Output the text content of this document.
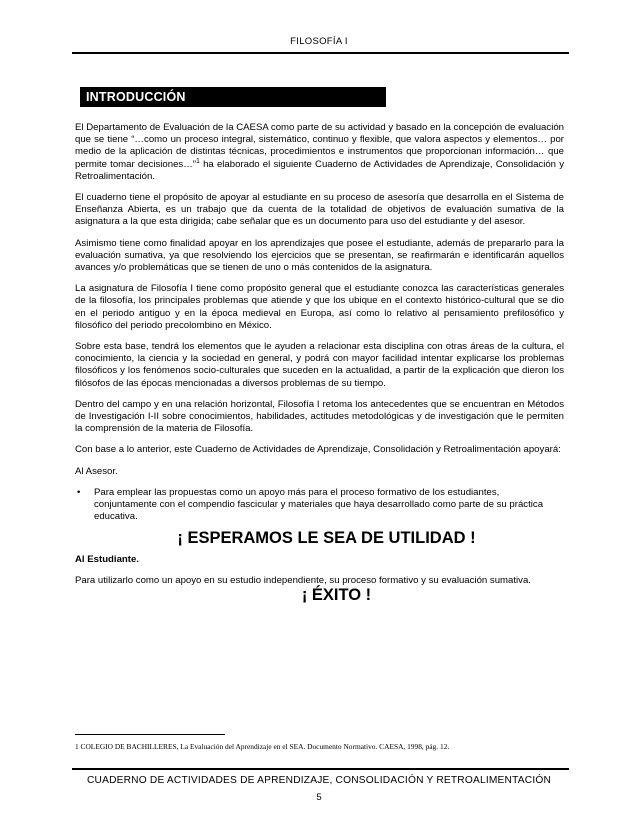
FILOSOFÍA I
INTRODUCCIÓN

El Departamento de Evaluación de la CAESA como parte de su actividad y basado en la concepción de evaluación que se tiene “…como un proceso integral, sistemático, continuo y flexible, que valora aspectos y elementos… por medio de la aplicación de distintas técnicas, procedimientos e instrumentos que proporcionan información… que permite tomar decisiones…”$^1$ ha elaborado el siguiente Cuaderno de Actividades de Aprendizaje, Consolidación y Retroalimentación.

El cuaderno tiene el propósito de apoyar al estudiante en su proceso de asesoría que desarrolla en el Sistema de Enseñanza Abierta, es un trabajo que da cuenta de la totalidad de objetivos de evaluación sumativa de la asignatura a la que esta dirigida; cabe señalar que es un documento para uso del estudiante y del asesor.

Asimismo tiene como finalidad apoyar en los aprendizajes que posee el estudiante, además de prepararlo para la evaluación sumativa, ya que resolviendo los ejercicios que se presentan, se reafirmarán e identificarán aquellos avances y/o problemáticas que se tienen de uno o más contenidos de la asignatura.

La asignatura de Filosofía I tiene como propósito general que el estudiante conozca las características generales de la filosofía, los principales problemas que atiende y que los ubique en el contexto histórico-cultural que se dio en el periodo antiguo y en la época medieval en Europa, así como lo relativo al pensamiento prefilosófico y filosófico del periodo precolombino en México.

Sobre esta base, tendrá los elementos que le ayuden a relacionar esta disciplina con otras áreas de la cultura, el conocimiento, la ciencia y la sociedad en general, y podrá con mayor facilidad intentar explicarse los problemas filosóficos y los fenómenos socio-culturales que suceden en la actualidad, a partir de la explicación que dieron los filósofos de las épocas mencionadas a diversos problemas de su tiempo.

Dentro del campo y en una relación horizontal, Filosofía I retoma los antecedentes que se encuentran en Métodos de Investigación I-II sobre conocimientos, habilidades, actitudes metodológicas y de investigación que le permiten la comprensión de la materia de Filosofía.

Con base a lo anterior, este Cuaderno de Actividades de Aprendizaje, Consolidación y Retroalimentación apoyará:

Al Asesor.

•	Para emplear las propuestas como un apoyo más para el proceso formativo de los estudiantes, conjuntamente con el compendio fascicular y materiales que haya desarrollado como parte de su práctica educativa.
¡ ESPERAMOS LE SEA DE UTILIDAD !

Al Estudiante.

Para utilizarlo como un apoyo en su estudio independiente, su proceso formativo y su evaluación sumativa.

¡ ÉXITO !
1 COLEGIO DE BACHILLERES, La Evaluación del Aprendizaje en el SEA. Documento Normativo. CAESA, 1998, pág. 12.
CUADERNO DE ACTIVIDADES DE APRENDIZAJE, CONSOLIDACIÓN Y RETROALIMENTACIÓN
5
